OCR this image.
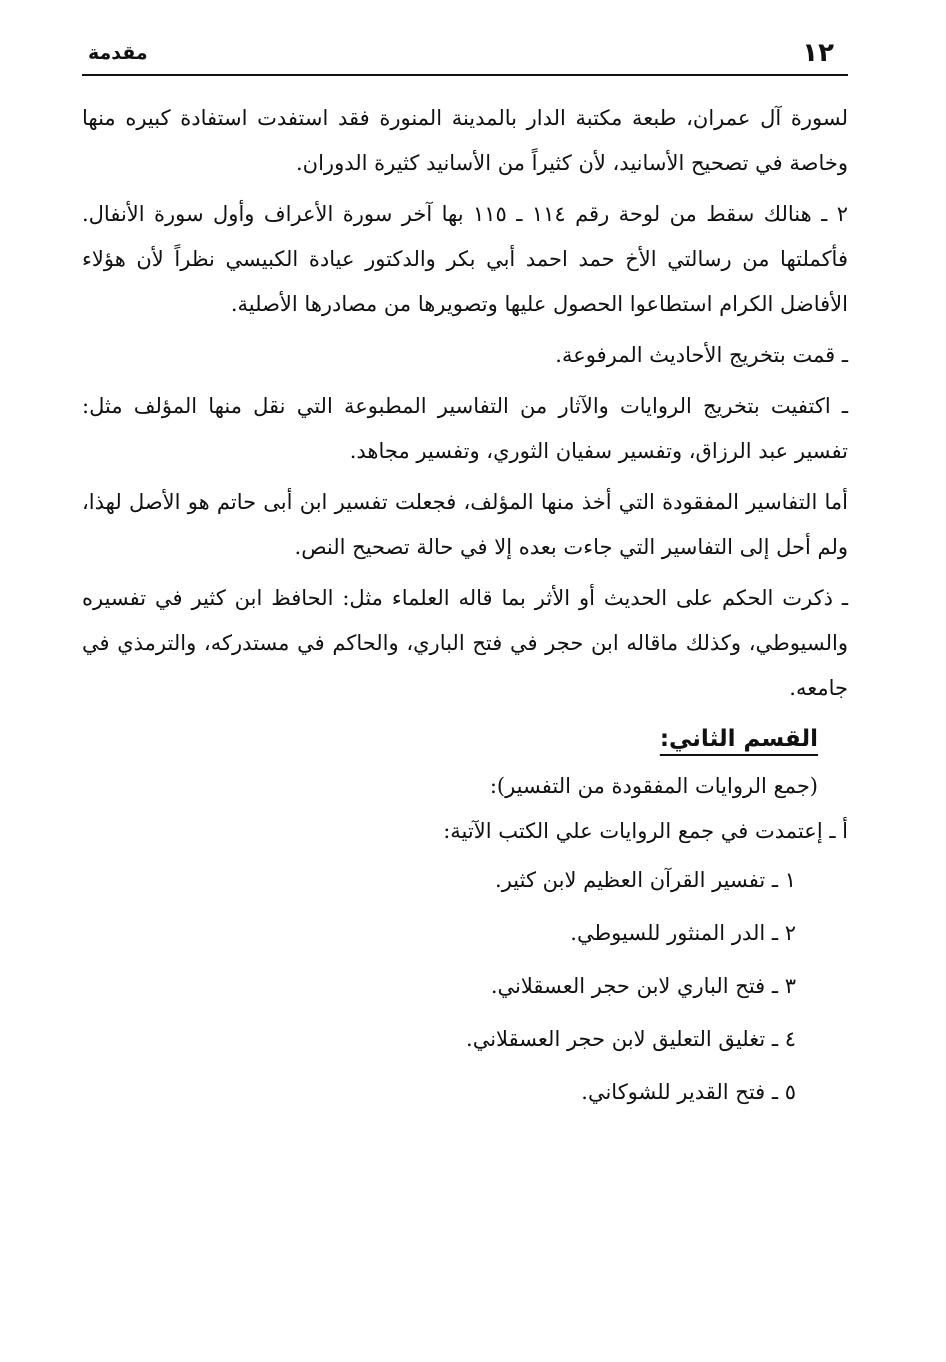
١٢
مقدمة

لسورة آل عمران، طبعة مكتبة الدار بالمدينة المنورة فقد استفدت استفادة كبيره منها وخاصة في تصحيح الأسانيد، لأن كثيراً من الأسانيد كثيرة الدوران.

٢ ـ هنالك سقط من لوحة رقم ١١٤ ـ ١١٥ بها آخر سورة الأعراف وأول سورة الأنفال. فأكملتها من رسالتي الأخ حمد احمد أبي بكر والدكتور عيادة الكبيسي نظراً لأن هؤلاء الأفاضل الكرام استطاعوا الحصول عليها وتصويرها من مصادرها الأصلية.

ـ قمت بتخريج الأحاديث المرفوعة.

ـ اكتفيت بتخريج الروايات والآثار من التفاسير المطبوعة التي نقل منها المؤلف مثل: تفسير عبد الرزاق، وتفسير سفيان الثوري، وتفسير مجاهد.

أما التفاسير المفقودة التي أخذ منها المؤلف، فجعلت تفسير ابن أبى حاتم هو الأصل لهذا، ولم أحل إلى التفاسير التي جاءت بعده إلا في حالة تصحيح النص.

ـ ذكرت الحكم على الحديث أو الأثر بما قاله العلماء مثل: الحافظ ابن كثير في تفسيره والسيوطي، وكذلك ماقاله ابن حجر في فتح الباري، والحاكم في مستدركه، والترمذي في جامعه.

القسم الثاني:
(جمع الروايات المفقودة من التفسير):
أ ـ إعتمدت في جمع الروايات علي الكتب الآتية:
١ ـ تفسير القرآن العظيم لابن كثير.
٢ ـ الدر المنثور للسيوطي.
٣ ـ فتح الباري لابن حجر العسقلاني.
٤ ـ تغليق التعليق لابن حجر العسقلاني.
٥ ـ فتح القدير للشوكاني.
